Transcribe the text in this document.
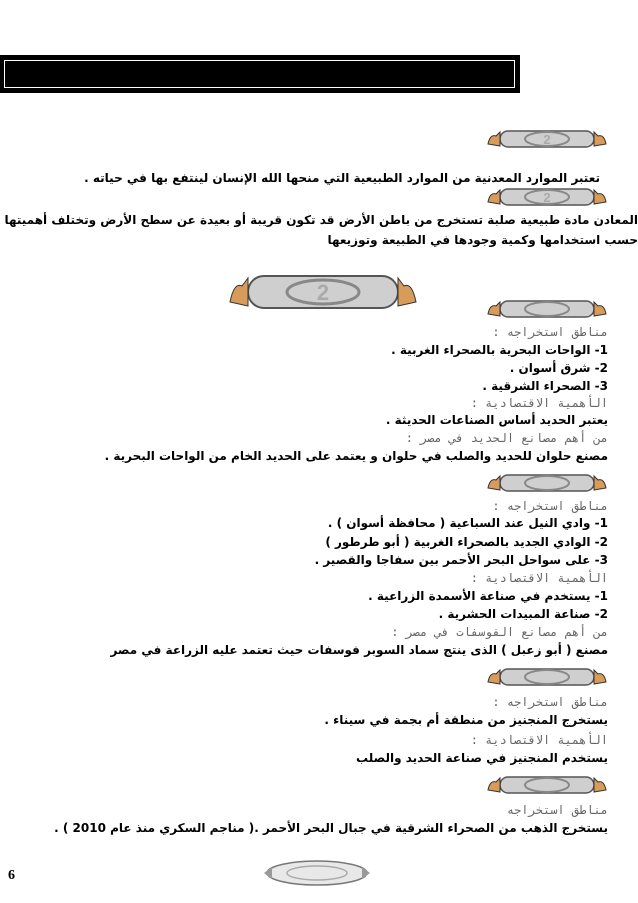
2
تعتبر الموارد المعدنية من الموارد الطبيعية التي منحها الله الإنسان لينتفع بها في حياته .
2
المعادن مادة طبيعية صلبة تستخرج من باطن الأرض قد تكون قريبة أو بعيدة عن سطح الأرض وتختلف أهميتها
حسب استخدامها وكمية وجودها في الطبيعة وتوزيعها
2
مناطق استخراجه :
1- الواحات البحرية بالصحراء الغربية .
2- شرق أسوان .
3- الصحراء الشرقية .
الأهمية الاقتصادية :
يعتبر الحديد أساس الصناعات الحديثة .
من أهم مصانع الحديد في مصر :
مصنع حلوان للحديد والصلب في حلوان و يعتمد على الحديد الخام من الواحات البحرية .
مناطق استخراجه :
1- وادي النيل عند السباعية ( محافظة أسوان ) .
2- الوادي الجديد بالصحراء الغربية ( أبو طرطور )
3- على سواحل البحر الأحمر بين سفاجا والقصير .
الأهمية الاقتصادية :
1- يستخدم في صناعة الأسمدة الزراعية .
2- صناعة المبيدات الحشرية .
من أهم مصانع الفوسفات في مصر :
مصنع ( أبو زعبل ) الذى ينتج سماد السوبر فوسفات حيث تعتمد عليه الزراعة في مصر
مناطق استخراجه :
يستخرج المنجنيز من منطقة أم بجمة في سيناء .
الأهمية الاقتصادية :
يستخدم المنجنيز في صناعة الحديد والصلب
مناطق استخراجه
يستخرج الذهب من الصحراء الشرقية في جبال البحر الأحمر .( مناجم السكري منذ عام 2010 ) .
6
